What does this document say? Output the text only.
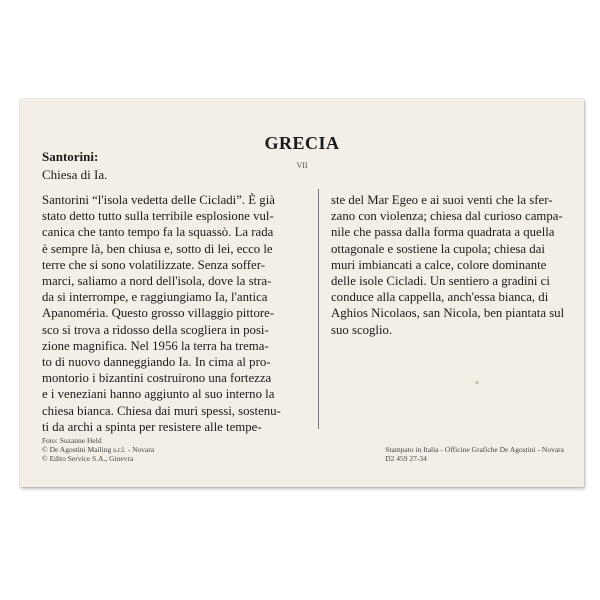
GRECIA
VII
Santorini:
Chiesa di Ia.
Santorini “l'isola vedetta delle Cicladi”. È già
stato detto tutto sulla terribile esplosione vul-
canica che tanto tempo fa la squassò. La rada
è sempre là, ben chiusa e, sotto di lei, ecco le
terre che si sono volatilizzate. Senza soffer-
marci, saliamo a nord dell'isola, dove la stra-
da si interrompe, e raggiungiamo Ia, l'antica
Apanoméria. Questo grosso villaggio pittore-
sco si trova a ridosso della scogliera in posi-
zione magnifica. Nel 1956 la terra ha trema-
to di nuovo danneggiando Ia. In cima al pro-
montorio i bizantini costruirono una fortezza
e i veneziani hanno aggiunto al suo interno la
chiesa bianca. Chiesa dai muri spessi, sostenu-
ti da archi a spinta per resistere alle tempe-
ste del Mar Egeo e ai suoi venti che la sfer-
zano con violenza; chiesa dal curioso campa-
nile che passa dalla forma quadrata a quella
ottagonale e sostiene la cupola; chiesa dai
muri imbiancati a calce, colore dominante
delle isole Cicladi. Un sentiero a gradini ci
conduce alla cappella, anch'essa bianca, di
Aghios Nicolaos, san Nicola, ben piantata sul
suo scoglio.
Foto: Suzanne Held
© De Agostini Mailing s.r.l. - Novara
© Edito Service S.A., Ginevra
Stampato in Italia - Officine Grafiche De Agostini - Novara
D2 459 27-34
